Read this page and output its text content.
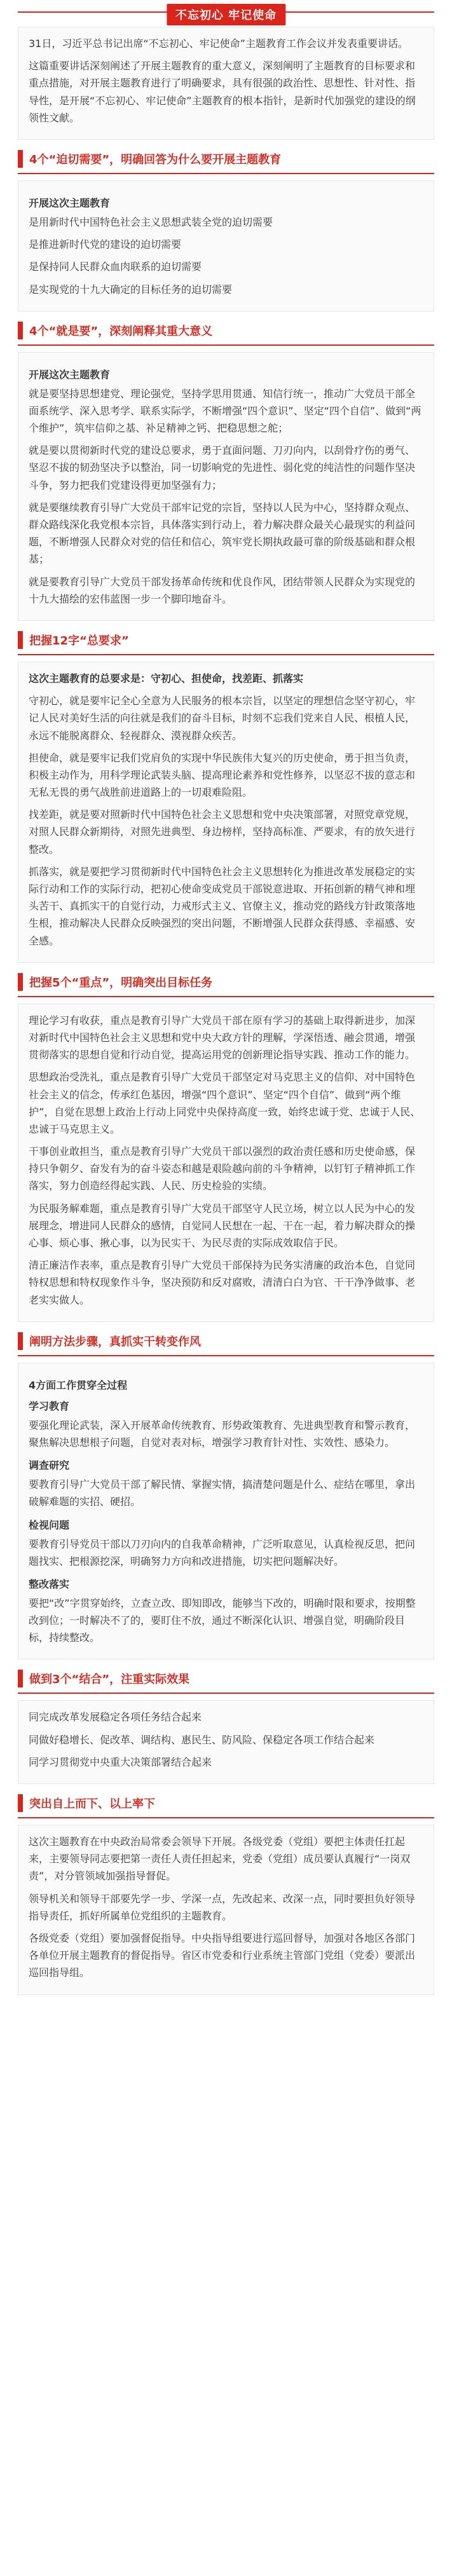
不忘初心 牢记使命

31日，习近平总书记出席“不忘初心、牢记使命”主题教育工作会议并发表重要讲话。

这篇重要讲话深刻阐述了开展主题教育的重大意义，深刻阐明了主题教育的目标要求和重点措施，对开展主题教育进行了明确要求，具有很强的政治性、思想性、针对性、指导性，是开展“不忘初心、牢记使命”主题教育的根本指针，是新时代加强党的建设的纲领性文献。

4个“迫切需要”，明确回答为什么要开展主题教育
开展这次主题教育

是用新时代中国特色社会主义思想武装全党的迫切需要

是推进新时代党的建设的迫切需要

是保持同人民群众血肉联系的迫切需要

是实现党的十九大确定的目标任务的迫切需要

4个“就是要”，深刻阐释其重大意义
开展这次主题教育

就是要坚持思想建党、理论强党，坚持学思用贯通、知信行统一，推动广大党员干部全面系统学、深入思考学、联系实际学，不断增强“四个意识”、坚定“四个自信”、做到“两个维护”，筑牢信仰之基、补足精神之钙、把稳思想之舵；

就是要以贯彻新时代党的建设总要求，勇于直面问题、刀刃向内，以刮骨疗伤的勇气、坚忍不拔的韧劲坚决予以整治，同一切影响党的先进性、弱化党的纯洁性的问题作坚决斗争，努力把我们党建设得更加坚强有力；

就是要继续教育引导广大党员干部牢记党的宗旨，坚持以人民为中心，坚持群众观点、群众路线深化我党根本宗旨，具体落实到行动上，着力解决群众最关心最现实的利益问题，不断增强人民群众对党的信任和信心，筑牢党长期执政最可靠的阶级基础和群众根基；

就是要教育引导广大党员干部发扬革命传统和优良作风，团结带领人民群众为实现党的十九大描绘的宏伟蓝图一步一个脚印地奋斗。

把握12字“总要求”

这次主题教育的总要求是：守初心、担使命，找差距、抓落实

守初心，就是要牢记全心全意为人民服务的根本宗旨，以坚定的理想信念坚守初心，牢记人民对美好生活的向往就是我们的奋斗目标，时刻不忘我们党来自人民、根植人民，永远不能脱离群众、轻视群众、漠视群众疾苦。

担使命，就是要牢记我们党肩负的实现中华民族伟大复兴的历史使命，勇于担当负责，积极主动作为，用科学理论武装头脑、提高理论素养和党性修养，以坚忍不拔的意志和无私无畏的勇气战胜前进道路上的一切艰难险阻。

找差距，就是要对照新时代中国特色社会主义思想和党中央决策部署，对照党章党规，对照人民群众新期待，对照先进典型、身边榜样，坚持高标准、严要求，有的放矢进行整改。

抓落实，就是要把学习贯彻新时代中国特色社会主义思想转化为推进改革发展稳定的实际行动和工作的实际行动，把初心使命变成党员干部锐意进取、开拓创新的精气神和埋头苦干、真抓实干的自觉行动，力戒形式主义、官僚主义，推动党的路线方针政策落地生根，推动解决人民群众反映强烈的突出问题，不断增强人民群众获得感、幸福感、安全感。

把握5个“重点”，明确突出目标任务

理论学习有收获，重点是教育引导广大党员干部在原有学习的基础上取得新进步，加深对新时代中国特色社会主义思想和党中央大政方针的理解，学深悟透、融会贯通，增强贯彻落实的思想自觉和行动自觉，提高运用党的创新理论指导实践、推动工作的能力。

思想政治受洗礼，重点是教育引导广大党员干部坚定对马克思主义的信仰、对中国特色社会主义的信念，传承红色基因，增强“四个意识”、坚定“四个自信”、做到“两个维护”，自觉在思想上政治上行动上同党中央保持高度一致，始终忠诚于党、忠诚于人民、忠诚于马克思主义。

干事创业敢担当，重点是教育引导广大党员干部以强烈的政治责任感和历史使命感，保持只争朝夕、奋发有为的奋斗姿态和越是艰险越向前的斗争精神，以钉钉子精神抓工作落实，努力创造经得起实践、人民、历史检验的实绩。

为民服务解难题，重点是教育引导广大党员干部坚守人民立场，树立以人民为中心的发展理念，增进同人民群众的感情，自觉同人民想在一起、干在一起，着力解决群众的操心事、烦心事、揪心事，以为民实干、为民尽责的实际成效取信于民。

清正廉洁作表率，重点是教育引导广大党员干部保持为民务实清廉的政治本色，自觉同特权思想和特权现象作斗争，坚决预防和反对腐败，清清白白为官、干干净净做事、老老实实做人。

阐明方法步骤，真抓实干转变作风
4方面工作贯穿全过程
学习教育

要强化理论武装，深入开展革命传统教育、形势政策教育、先进典型教育和警示教育，聚焦解决思想根子问题，自觉对表对标，增强学习教育针对性、实效性、感染力。

调查研究

要教育引导广大党员干部了解民情、掌握实情，搞清楚问题是什么、症结在哪里，拿出破解难题的实招、硬招。

检视问题

要教育引导党员干部以刀刃向内的自我革命精神，广泛听取意见，认真检视反思，把问题找实、把根源挖深，明确努力方向和改进措施，切实把问题解决好。

整改落实

要把“改”字贯穿始终，立查立改、即知即改，能够当下改的，明确时限和要求，按期整改到位；一时解决不了的，要盯住不放，通过不断深化认识、增强自觉，明确阶段目标，持续整改。

做到3个“结合”，注重实际效果

同完成改革发展稳定各项任务结合起来

同做好稳增长、促改革、调结构、惠民生、防风险、保稳定各项工作结合起来

同学习贯彻党中央重大决策部署结合起来

突出自上而下、以上率下

这次主题教育在中央政治局常委会领导下开展。各级党委（党组）要把主体责任扛起来，主要领导同志要把第一责任人责任担起来，党委（党组）成员要认真履行“一岗双责”，对分管领域加强指导督促。

领导机关和领导干部要先学一步、学深一点，先改起来、改深一点，同时要担负好领导指导责任，抓好所属单位党组织的主题教育。

各级党委（党组）要加强督促指导。中央指导组要进行巡回督导，加强对各地区各部门各单位开展主题教育的督促指导。省区市党委和行业系统主管部门党组（党委）要派出巡回指导组。
